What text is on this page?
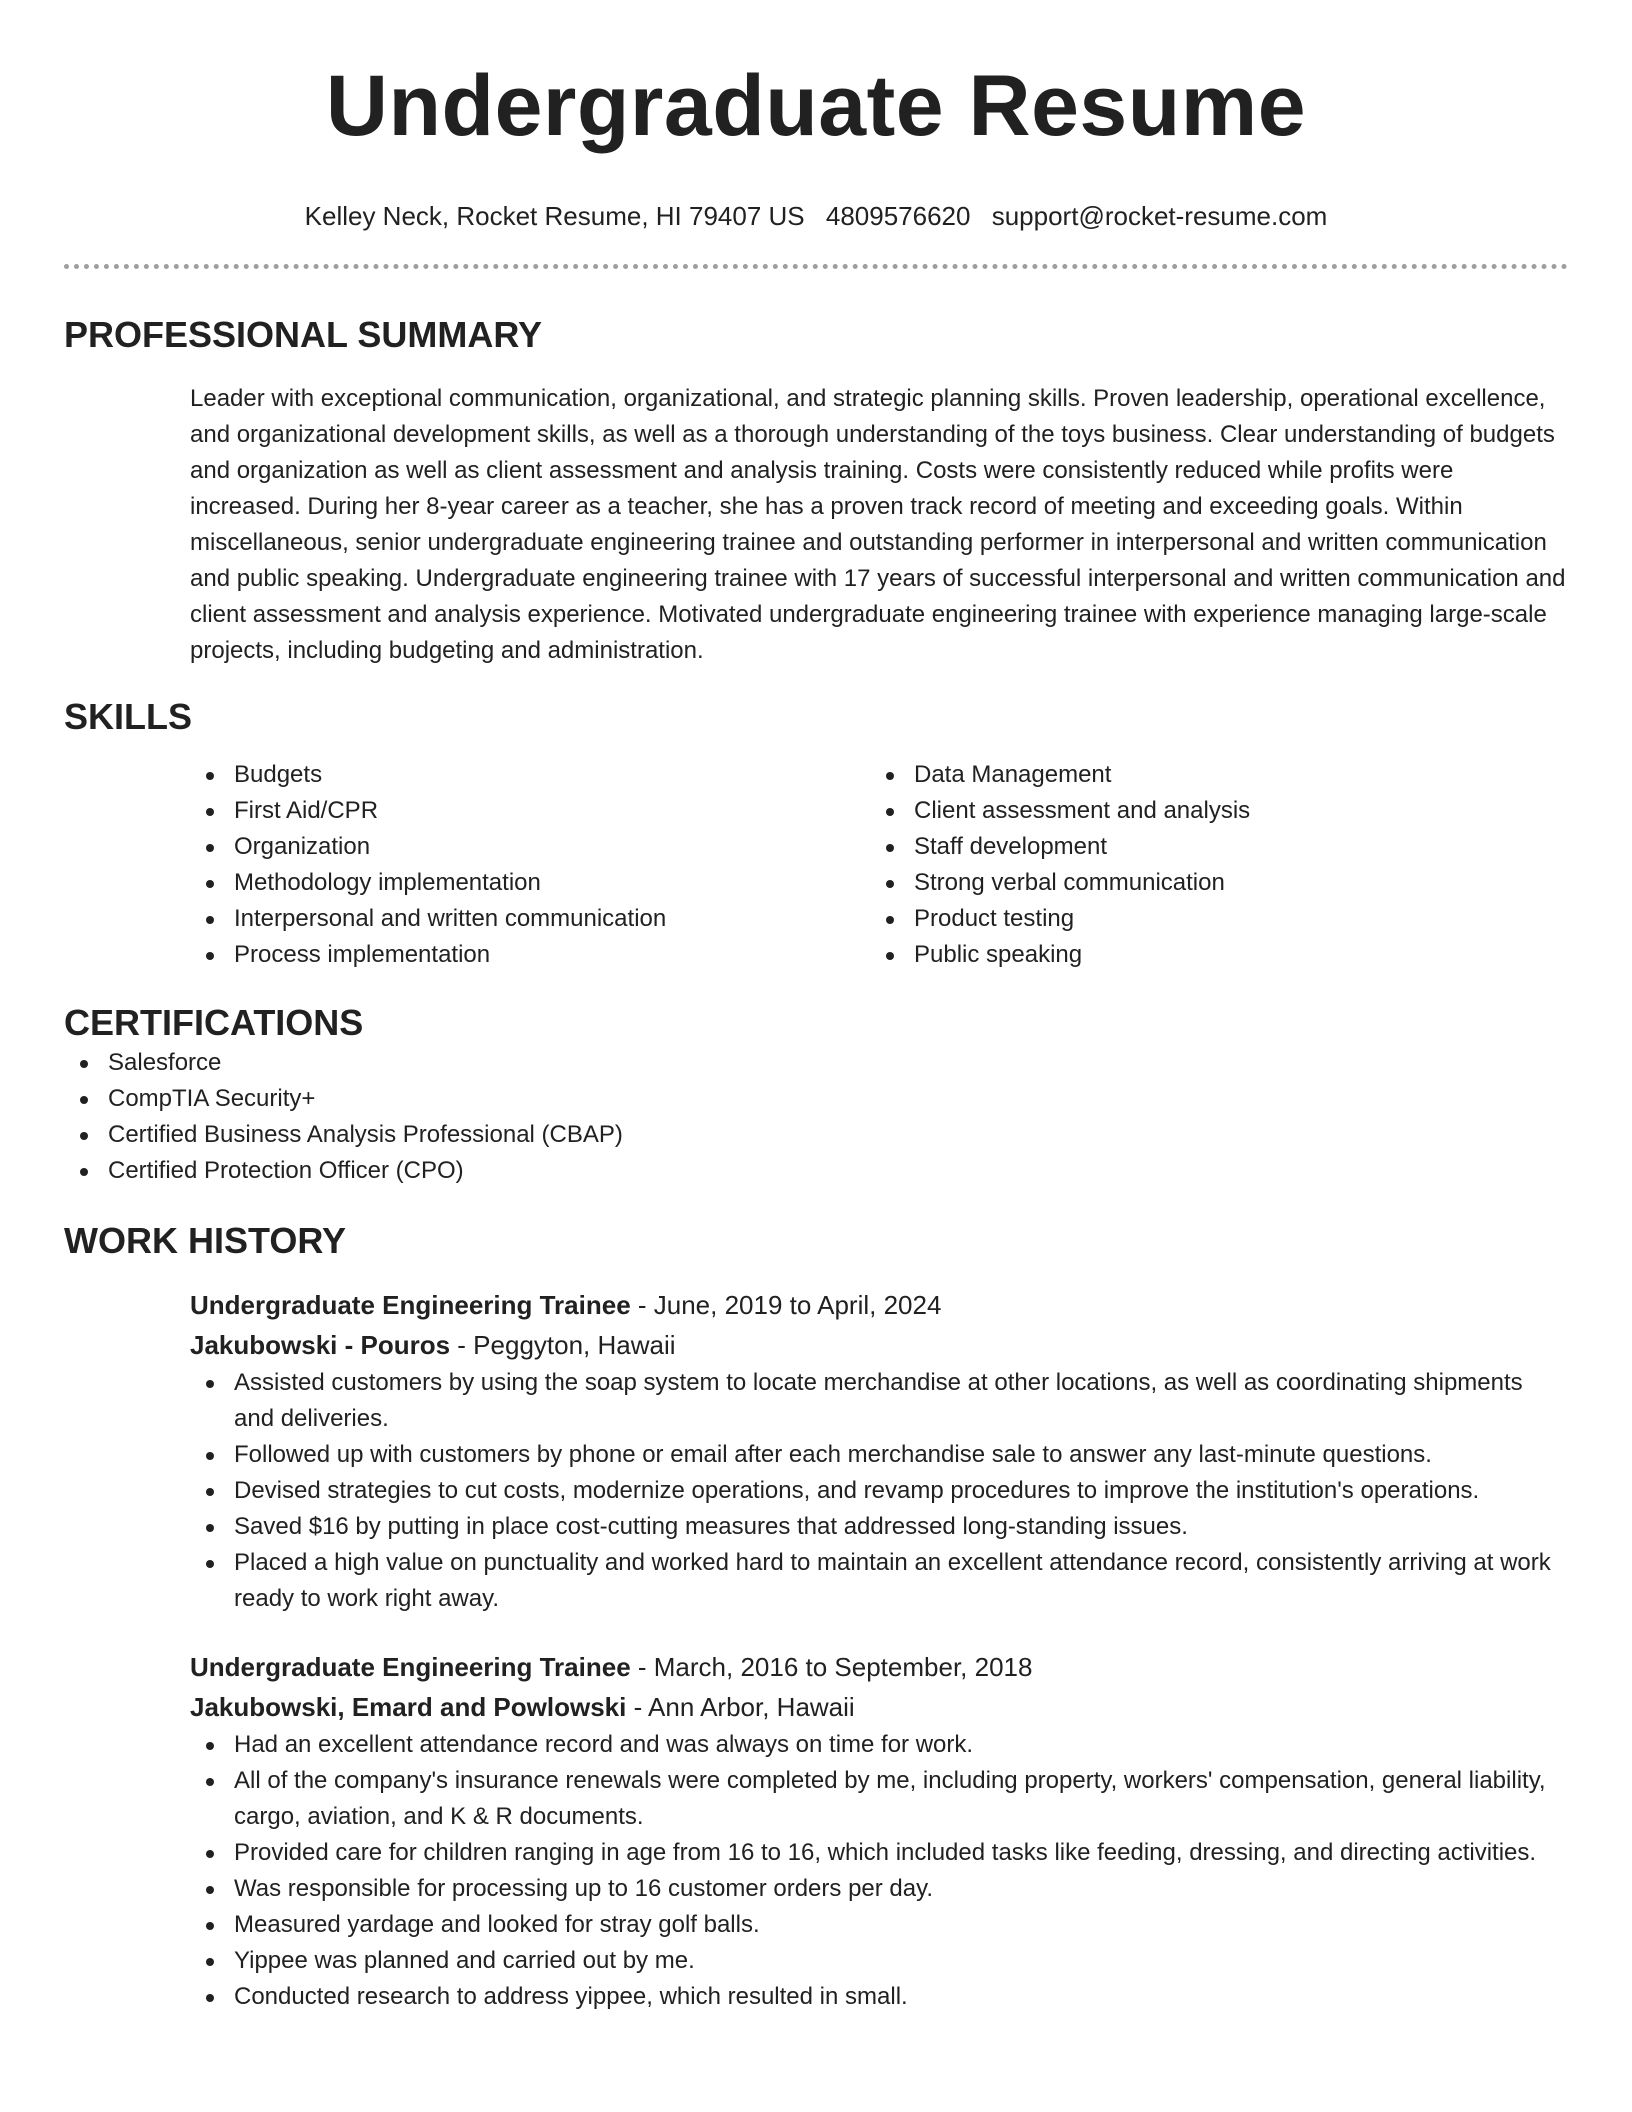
Undergraduate Resume
Kelley Neck, Rocket Resume, HI 79407 US 4809576620 support@rocket-resume.com
PROFESSIONAL SUMMARY

Leader with exceptional communication, organizational, and strategic planning skills. Proven leadership, operational excellence, and organizational development skills, as well as a thorough understanding of the toys business. Clear understanding of budgets and organization as well as client assessment and analysis training. Costs were consistently reduced while profits were increased. During her 8-year career as a teacher, she has a proven track record of meeting and exceeding goals. Within miscellaneous, senior undergraduate engineering trainee and outstanding performer in interpersonal and written communication and public speaking. Undergraduate engineering trainee with 17 years of successful interpersonal and written communication and client assessment and analysis experience. Motivated undergraduate engineering trainee with experience managing large-scale projects, including budgeting and administration.

SKILLS
Budgets
First Aid/CPR
Organization
Methodology implementation
Interpersonal and written communication
Process implementation
Data Management
Client assessment and analysis
Staff development
Strong verbal communication
Product testing
Public speaking
CERTIFICATIONS
Salesforce
CompTIA Security+
Certified Business Analysis Professional (CBAP)
Certified Protection Officer (CPO)
WORK HISTORY
Undergraduate Engineering Trainee - June, 2019 to April, 2024
Jakubowski - Pouros - Peggyton, Hawaii
Assisted customers by using the soap system to locate merchandise at other locations, as well as coordinating shipments and deliveries.
Followed up with customers by phone or email after each merchandise sale to answer any last-minute questions.
Devised strategies to cut costs, modernize operations, and revamp procedures to improve the institution's operations.
Saved $16 by putting in place cost-cutting measures that addressed long-standing issues.
Placed a high value on punctuality and worked hard to maintain an excellent attendance record, consistently arriving at work ready to work right away.
Undergraduate Engineering Trainee - March, 2016 to September, 2018
Jakubowski, Emard and Powlowski - Ann Arbor, Hawaii
Had an excellent attendance record and was always on time for work.
All of the company's insurance renewals were completed by me, including property, workers' compensation, general liability, cargo, aviation, and K & R documents.
Provided care for children ranging in age from 16 to 16, which included tasks like feeding, dressing, and directing activities.
Was responsible for processing up to 16 customer orders per day.
Measured yardage and looked for stray golf balls.
Yippee was planned and carried out by me.
Conducted research to address yippee, which resulted in small.
